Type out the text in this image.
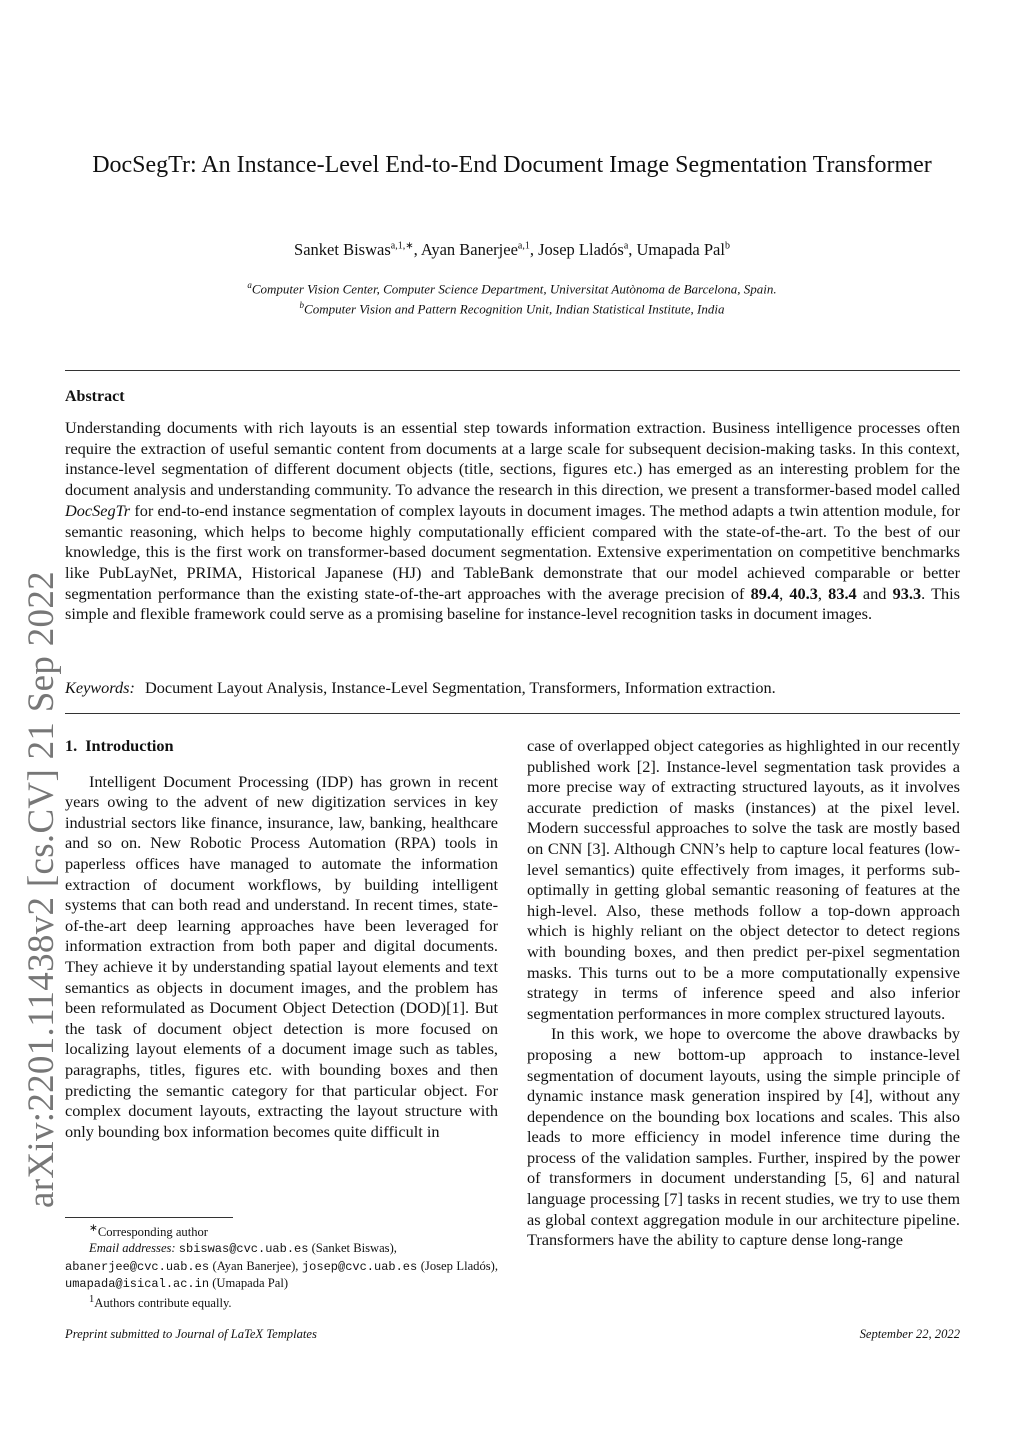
DocSegTr: An Instance-Level End-to-End Document Image Segmentation Transformer
Sanket Biswas$^{a,1,∗}$, Ayan Banerjee$^{a,1}$, Josep Lladós$^a$, Umapada Pal$^b$
$^a$Computer Vision Center, Computer Science Department, Universitat Autònoma de Barcelona, Spain.
$^b$Computer Vision and Pattern Recognition Unit, Indian Statistical Institute, India
arXiv:2201.11438v2 [cs.CV] 21 Sep 2022
Abstract
Understanding documents with rich layouts is an essential step towards information extraction. Business intelligence processes often require the extraction of useful semantic content from documents at a large scale for subsequent decision-making tasks. In this context, instance-level segmentation of different document objects (title, sections, figures etc.) has emerged as an interesting problem for the document analysis and understanding community. To advance the research in this direction, we present a transformer-based model called DocSegTr for end-to-end instance segmentation of complex layouts in document images. The method adapts a twin attention module, for semantic reasoning, which helps to become highly computationally efficient compared with the state-of-the-art. To the best of our knowledge, this is the first work on transformer-based document segmentation. Extensive experimentation on competitive benchmarks like PubLayNet, PRIMA, Historical Japanese (HJ) and TableBank demonstrate that our model achieved comparable or better segmentation performance than the existing state-of-the-art approaches with the average precision of 89.4, 40.3, 83.4 and 93.3. This simple and flexible framework could serve as a promising baseline for instance-level recognition tasks in document images.
Keywords: Document Layout Analysis, Instance-Level Segmentation, Transformers, Information extraction.
1. Introduction

Intelligent Document Processing (IDP) has grown in recent years owing to the advent of new digitization services in key industrial sectors like finance, insurance, law, banking, healthcare and so on. New Robotic Process Automation (RPA) tools in paperless offices have managed to automate the information extraction of document workflows, by building intelligent systems that can both read and understand. In recent times, state-of-the-art deep learning approaches have been leveraged for information extraction from both paper and digital documents. They achieve it by understanding spatial layout elements and text semantics as objects in document images, and the problem has been reformulated as Document Object Detection (DOD)[1]. But the task of document object detection is more focused on localizing layout elements of a document image such as tables, paragraphs, titles, figures etc. with bounding boxes and then predicting the semantic category for that particular object. For complex document layouts, extracting the layout structure with only bounding box information becomes quite difficult in

case of overlapped object categories as highlighted in our recently published work [2]. Instance-level segmentation task provides a more precise way of extracting structured layouts, as it involves accurate prediction of masks (instances) at the pixel level. Modern successful approaches to solve the task are mostly based on CNN [3]. Although CNN’s help to capture local features (low-level semantics) quite effectively from images, it performs sub-optimally in getting global semantic reasoning of features at the high-level. Also, these methods follow a top-down approach which is highly reliant on the object detector to detect regions with bounding boxes, and then predict per-pixel segmentation masks. This turns out to be a more computationally expensive strategy in terms of inference speed and also inferior segmentation performances in more complex structured layouts.

In this work, we hope to overcome the above drawbacks by proposing a new bottom-up approach to instance-level segmentation of document layouts, using the simple principle of dynamic instance mask generation inspired by [4], without any dependence on the bounding box locations and scales. This also leads to more efficiency in model inference time during the process of the validation samples. Further, inspired by the power of transformers in document understanding [5, 6] and natural language processing [7] tasks in recent studies, we try to use them as global context aggregation module in our architecture pipeline. Transformers have the ability to capture dense long-range

∗Corresponding author
Email addresses: sbiswas@cvc.uab.es (Sanket Biswas),
abanerjee@cvc.uab.es (Ayan Banerjee), josep@cvc.uab.es (Josep Lladós), umapada@isical.ac.in (Umapada Pal)
$^1$Authors contribute equally.
Preprint submitted to Journal of LaTeX Templates	September 22, 2022
